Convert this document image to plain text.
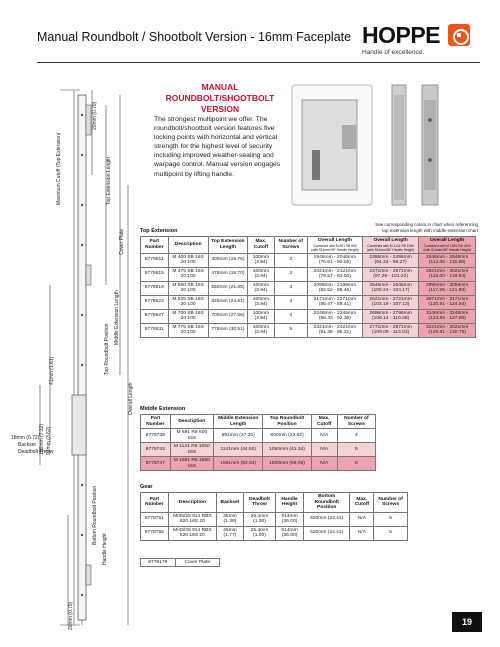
Manual Roundbolt / Shootbolt Version - 16mm Faceplate HOPPE
Handle of excellence.
20mm (0.79)
Maximum Cutoff (Top Extension)	Top Extension Length
Cover Plate
Top Roundbolt Position
Middle Extension Length
Overall Length
41mm (1.61)
186mm (7.32) 92mm (3.62)
Bottom Roundbolt Position
Handle Height
20mm (0.79)
18mm (0.72)
Backset
Deadbolt Throw
MANUAL
ROUNDBOLT/SHOOTBOLT
VERSION
The strongest multipoint we offer. The roundbolt/shootbolt version features five locking points with horizontal and vertical strength for the highest level of security including improved weather-sealing and warpage control. Manual version engages multipoint by lifting handle.
See corresponding colors in chart when referencing
top extension length with middle extension chart
Top Extension
Part Number	Description	Top Extension Length	Max. Cutoff	Number of Screws	Overall Length
Combined with M 691 R8 600 (with 914mm/36" Handle Height)	Overall Length
Combined with M 1141 R8 1050 (with 914mm/36" Handle Height)	Overall Length
Combined with M 1591 R8 1500 (with 914mm/36" Handle Height)

8778611	M 400 SB 16S 20 100	400mm (15.75)	100mm (3.94)	3	1946mm - 2046mm (76.61 - 80.55)	2396mm - 2496mm (94.33 - 98.27)	2846mm - 2946mm (112.05 - 115.98)
8778615	M 475 SB 16S 20 100	475mm (18.70)	100mm (3.94)	3	2021mm - 2121mm (79.57 - 83.50)	2471mm - 2571mm (97.28 - 101.22)	2921mm - 3021mm (115.00 - 118.94)
8778619	M 550 SB 16S 20 100	550mm (21.65)	100mm (3.94)	4	2096mm - 2196mm (82.52 - 86.46)	2546mm - 2646mm (100.24 - 104.17)	2996mm - 3096mm (117.95 - 121.89)
8778623	M 625 SB 16S 20 100	625mm (24.61)	100mm (3.94)	4	2171mm - 2271mm (85.47 - 89.41)	2621mm - 2721mm (103.19 - 107.13)	3071mm - 3171mm (120.91 - 124.84)
8778627	M 700 SB 16S 20 100	700mm (27.56)	100mm (3.94)	4	2246mm - 2346mm (88.43 - 92.36)	2696mm - 2796mm (106.14 - 110.08)	3146mm - 3246mm (123.86 - 127.80)
8778631	M 775 SB 16S 20 100	775mm (30.51)	100mm (3.94)	5	2321mm - 2421mm (91.38 - 95.31)	2771mm - 2871mm (109.09 - 113.03)	3221mm - 3321mm (126.81 - 130.75)
Middle Extension
Part Number	Description	Middle Extension Length	Top Roundbolt Position	Max. Cutoff	Number of Screws
8778739	M 691 R8 600 16S	691mm (27.20)	600mm (23.62)	N/A	4
8778743	M 1141 R8 1050 16S	1141mm (44.92)	1050mm (41.34)	N/A	6
8778747	M 1591 R8 1500 16S	1591mm (62.64)	1500mm (59.06)	N/A	8
Gear
Part Number	Description	Backset	Deadbolt Throw	Handle Height	Bottom Roundbolt Position	Max. Cutoff	Number of Screws
8778751	M/35/25 914 RBS 620 16S 20	35mm (1.38)	25.4mm (1.00)	914mm (36.00)	620mm (24.41)	N/A	5
8778755	M/45/25 914 RBS 620 16S 20	45mm (1.77)	25.4mm (1.00)	914mm (36.00)	620mm (24.41)	N/A	5
8779179	Cover Plate
19
